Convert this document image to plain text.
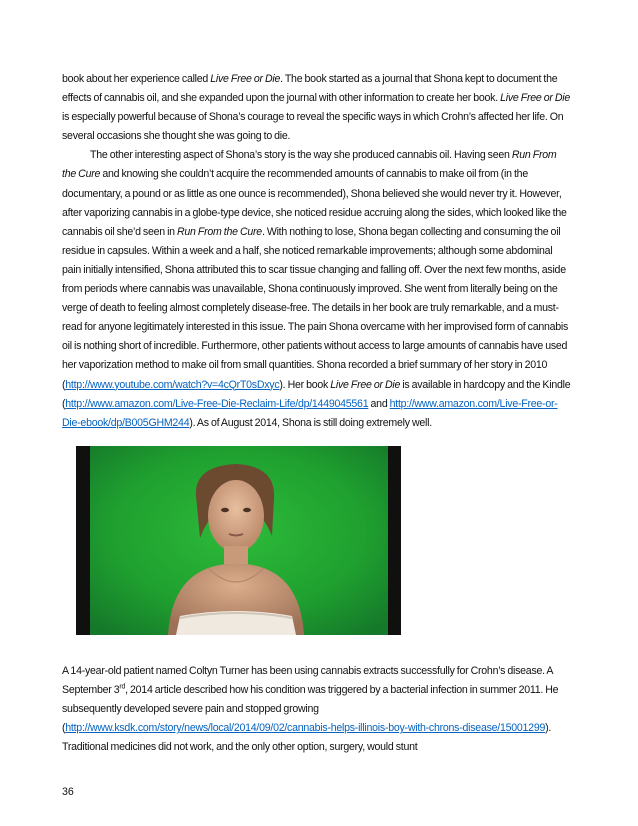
book about her experience called Live Free or Die. The book started as a journal that Shona kept to document the effects of cannabis oil, and she expanded upon the journal with other information to create her book. Live Free or Die is especially powerful because of Shona’s courage to reveal the specific ways in which Crohn’s affected her life. On several occasions she thought she was going to die.

The other interesting aspect of Shona’s story is the way she produced cannabis oil. Having seen Run From the Cure and knowing she couldn’t acquire the recommended amounts of cannabis to make oil from (in the documentary, a pound or as little as one ounce is recommended), Shona believed she would never try it. However, after vaporizing cannabis in a globe-type device, she noticed residue accruing along the sides, which looked like the cannabis oil she’d seen in Run From the Cure. With nothing to lose, Shona began collecting and consuming the oil residue in capsules. Within a week and a half, she noticed remarkable improvements; although some abdominal pain initially intensified, Shona attributed this to scar tissue changing and falling off. Over the next few months, aside from periods where cannabis was unavailable, Shona continuously improved. She went from literally being on the verge of death to feeling almost completely disease-free. The details in her book are truly remarkable, and a must-read for anyone legitimately interested in this issue. The pain Shona overcame with her improvised form of cannabis oil is nothing short of incredible. Furthermore, other patients without access to large amounts of cannabis have used her vaporization method to make oil from small quantities. Shona recorded a brief summary of her story in 2010 (http://www.youtube.com/watch?v=4cQrT0sDxyc). Her book Live Free or Die is available in hardcopy and the Kindle (http://www.amazon.com/Live-Free-Die-Reclaim-Life/dp/1449045561 and http://www.amazon.com/Live-Free-or-Die-ebook/dp/B005GHM244). As of August 2014, Shona is still doing extremely well.

A 14-year-old patient named Coltyn Turner has been using cannabis extracts successfully for Crohn’s disease. A September 3rd, 2014 article described how his condition was triggered by a bacterial infection in summer 2011. He subsequently developed severe pain and stopped growing (http://www.ksdk.com/story/news/local/2014/09/02/cannabis-helps-illinois-boy-with-chrons-disease/15001299). Traditional medicines did not work, and the only other option, surgery, would stunt

36
